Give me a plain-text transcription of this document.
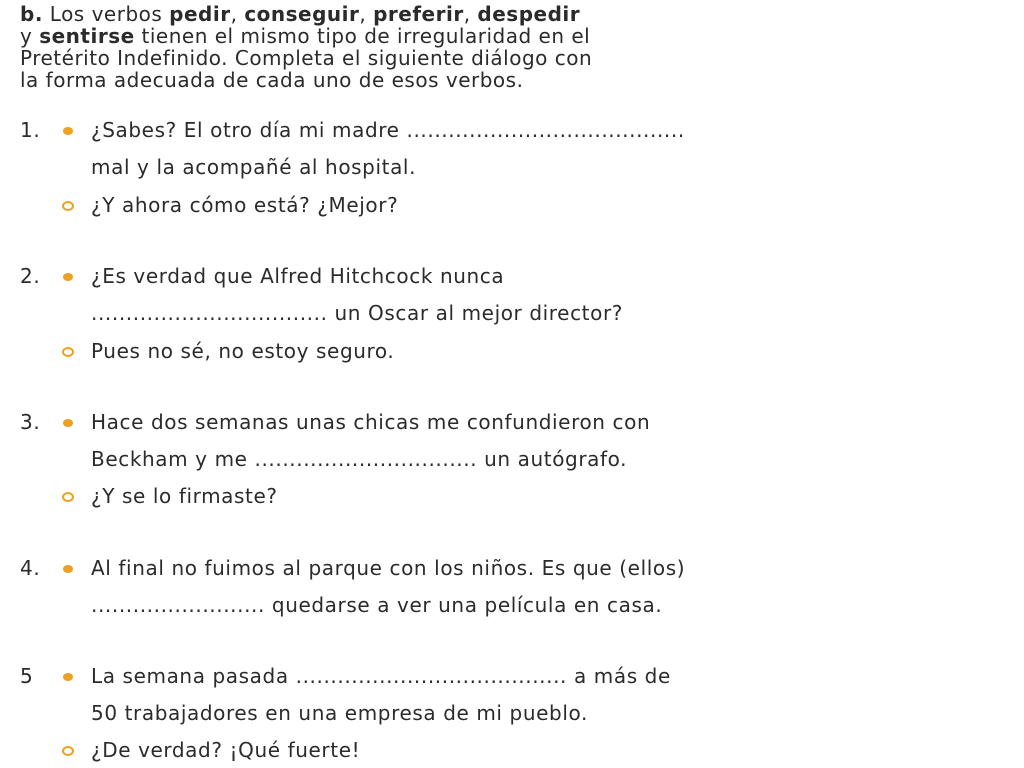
b. Los verbos pedir, conseguir, preferir, despedir
y sentirse tienen el mismo tipo de irregularidad en el
Pretérito Indefinido. Completa el siguiente diálogo con
la forma adecuada de cada uno de esos verbos.
1.	¿Sabes? El otro día mi madre ........................................
mal y la acompañé al hospital.
¿Y ahora cómo está? ¿Mejor?
2.	¿Es verdad que Alfred Hitchcock nunca
.................................. un Oscar al mejor director?
Pues no sé, no estoy seguro.
3.	Hace dos semanas unas chicas me confundieron con
Beckham y me ................................ un autógrafo.
¿Y se lo firmaste?
4.	Al final no fuimos al parque con los niños. Es que (ellos)
......................... quedarse a ver una película en casa.
5	La semana pasada ....................................... a más de
50 trabajadores en una empresa de mi pueblo.
¿De verdad? ¡Qué fuerte!
